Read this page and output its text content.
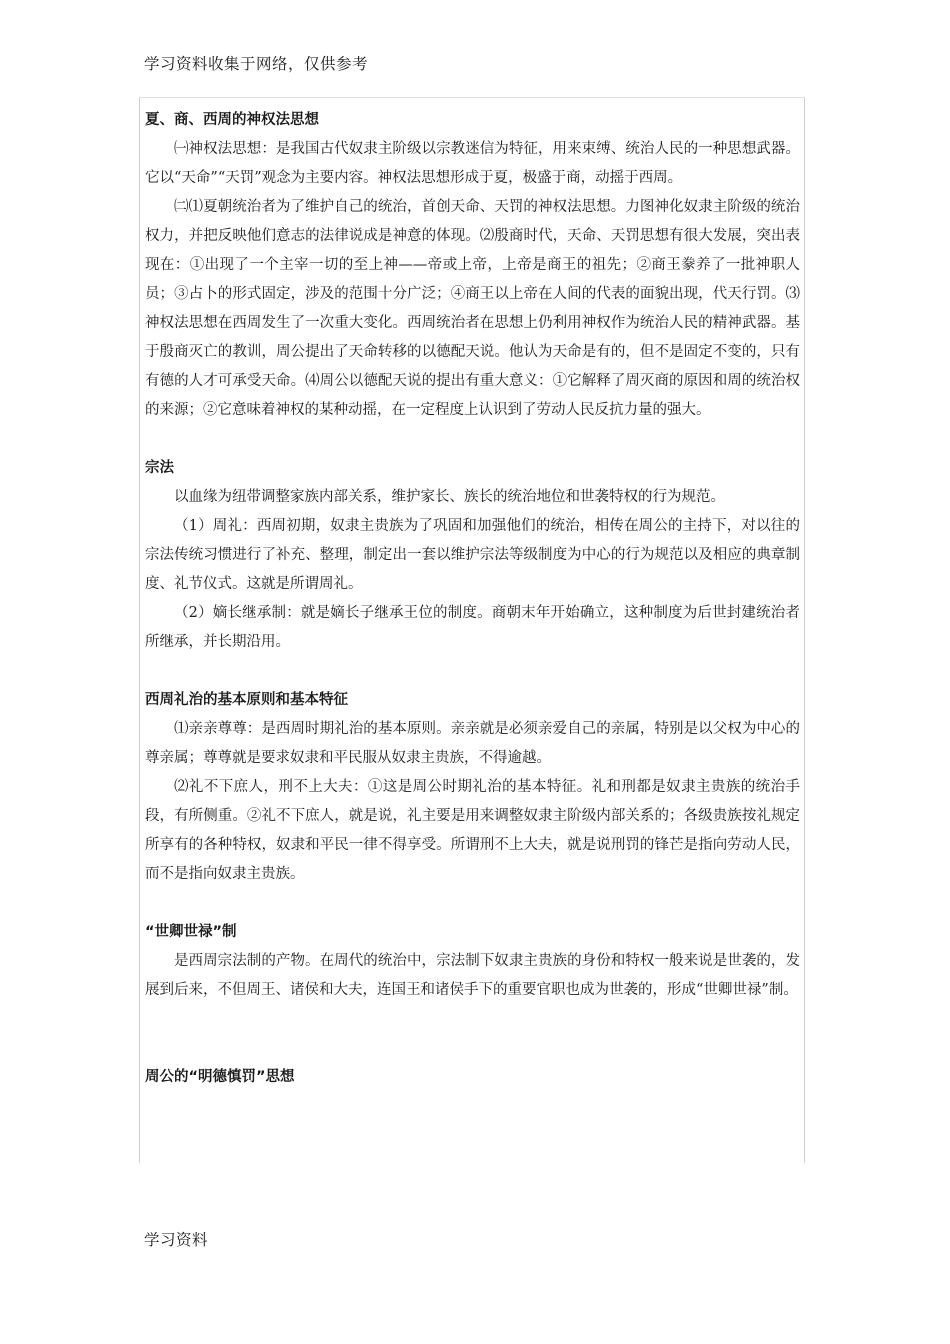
学习资料收集于网络，仅供参考

夏、商、西周的神权法思想

㈠神权法思想：是我国古代奴隶主阶级以宗教迷信为特征，用来束缚、统治人民的一种思想武器。它以“天命”“天罚”观念为主要内容。神权法思想形成于夏，极盛于商，动摇于西周。

㈡⑴夏朝统治者为了维护自己的统治，首创天命、天罚的神权法思想。力图神化奴隶主阶级的统治权力，并把反映他们意志的法律说成是神意的体现。⑵殷商时代，天命、天罚思想有很大发展，突出表现在：①出现了一个主宰一切的至上神——帝或上帝，上帝是商王的祖先；②商王豢养了一批神职人员；③占卜的形式固定，涉及的范围十分广泛；④商王以上帝在人间的代表的面貌出现，代天行罚。⑶神权法思想在西周发生了一次重大变化。西周统治者在思想上仍利用神权作为统治人民的精神武器。基于殷商灭亡的教训，周公提出了天命转移的以德配天说。他认为天命是有的，但不是固定不变的，只有有德的人才可承受天命。⑷周公以德配天说的提出有重大意义：①它解释了周灭商的原因和周的统治权的来源；②它意味着神权的某种动摇，在一定程度上认识到了劳动人民反抗力量的强大。

宗法

以血缘为纽带调整家族内部关系，维护家长、族长的统治地位和世袭特权的行为规范。

（1）周礼：西周初期，奴隶主贵族为了巩固和加强他们的统治，相传在周公的主持下，对以往的宗法传统习惯进行了补充、整理，制定出一套以维护宗法等级制度为中心的行为规范以及相应的典章制度、礼节仪式。这就是所谓周礼。

（2）嫡长继承制：就是嫡长子继承王位的制度。商朝末年开始确立，这种制度为后世封建统治者所继承，并长期沿用。

西周礼治的基本原则和基本特征

⑴亲亲尊尊：是西周时期礼治的基本原则。亲亲就是必须亲爱自己的亲属，特别是以父权为中心的尊亲属；尊尊就是要求奴隶和平民服从奴隶主贵族，不得逾越。

⑵礼不下庶人，刑不上大夫：①这是周公时期礼治的基本特征。礼和刑都是奴隶主贵族的统治手段，有所侧重。②礼不下庶人，就是说，礼主要是用来调整奴隶主阶级内部关系的；各级贵族按礼规定所享有的各种特权，奴隶和平民一律不得享受。所谓刑不上大夫，就是说刑罚的锋芒是指向劳动人民，而不是指向奴隶主贵族。

“世卿世禄”制

是西周宗法制的产物。在周代的统治中，宗法制下奴隶主贵族的身份和特权一般来说是世袭的，发展到后来，不但周王、诸侯和大夫，连国王和诸侯手下的重要官职也成为世袭的，形成“世卿世禄”制。

周公的“明德慎罚”思想

学习资料
